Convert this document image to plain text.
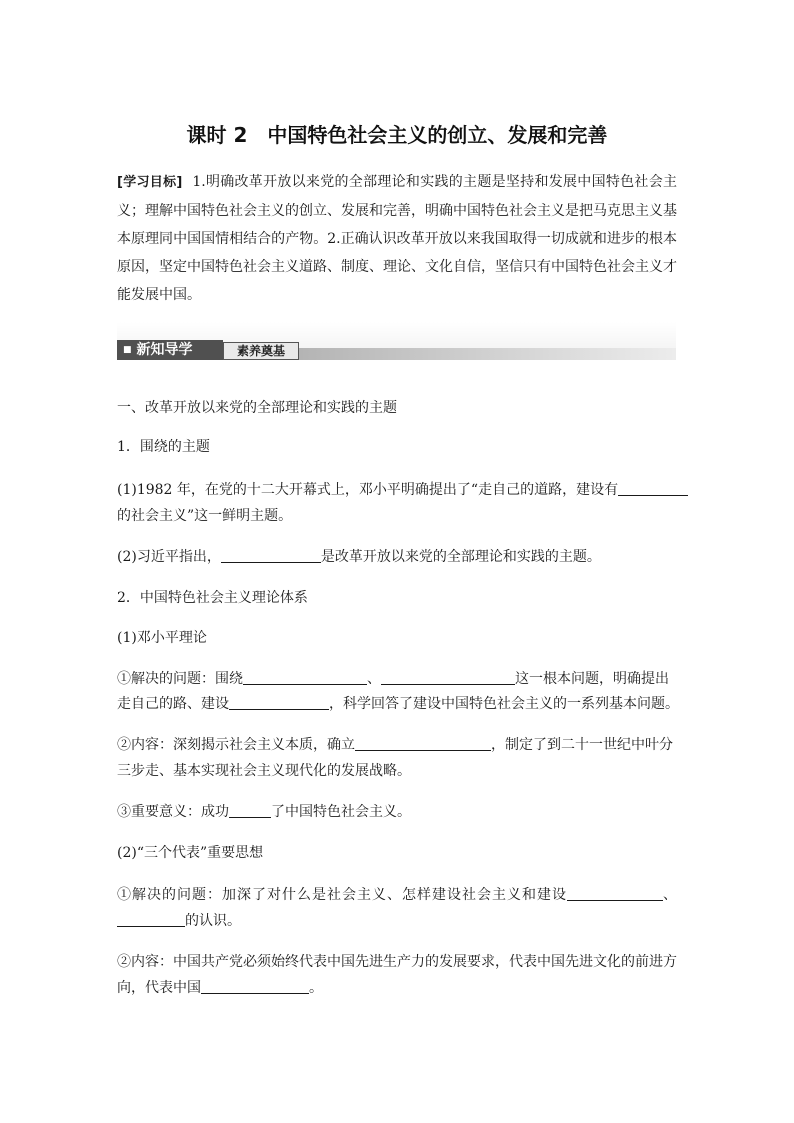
课时 2　中国特色社会主义的创立、发展和完善
[学习目标] 1.明确改革开放以来党的全部理论和实践的主题是坚持和发展中国特色社会主
义；理解中国特色社会主义的创立、发展和完善，明确中国特色社会主义是把马克思主义基
本原理同中国国情相结合的产物。2.正确认识改革开放以来我国取得一切成就和进步的根本
原因，坚定中国特色社会主义道路、制度、理论、文化自信，坚信只有中国特色社会主义才
能发展中国。
■ 新知导学	素养奠基
一、改革开放以来党的全部理论和实践的主题
1．围绕的主题
(1)1982 年，在党的十二大开幕式上，邓小平明确提出了“走自己的道路，建设有
的社会主义”这一鲜明主题。
(2)习近平指出，	是改革开放以来党的全部理论和实践的主题。
2．中国特色社会主义理论体系
(1)邓小平理论
①解决的问题：围绕	、	这一根本问题，明确提出
走自己的路、建设	，科学回答了建设中国特色社会主义的一系列基本问题。
②内容：深刻揭示社会主义本质，确立	，制定了到二十一世纪中叶分
三步走、基本实现社会主义现代化的发展战略。
③重要意义：成功	了中国特色社会主义。
(2)“三个代表”重要思想
①解决的问题：加深了对什么是社会主义、怎样建设社会主义和建设	、
的认识。
②内容：中国共产党必须始终代表中国先进生产力的发展要求，代表中国先进文化的前进方
向，代表中国	。
